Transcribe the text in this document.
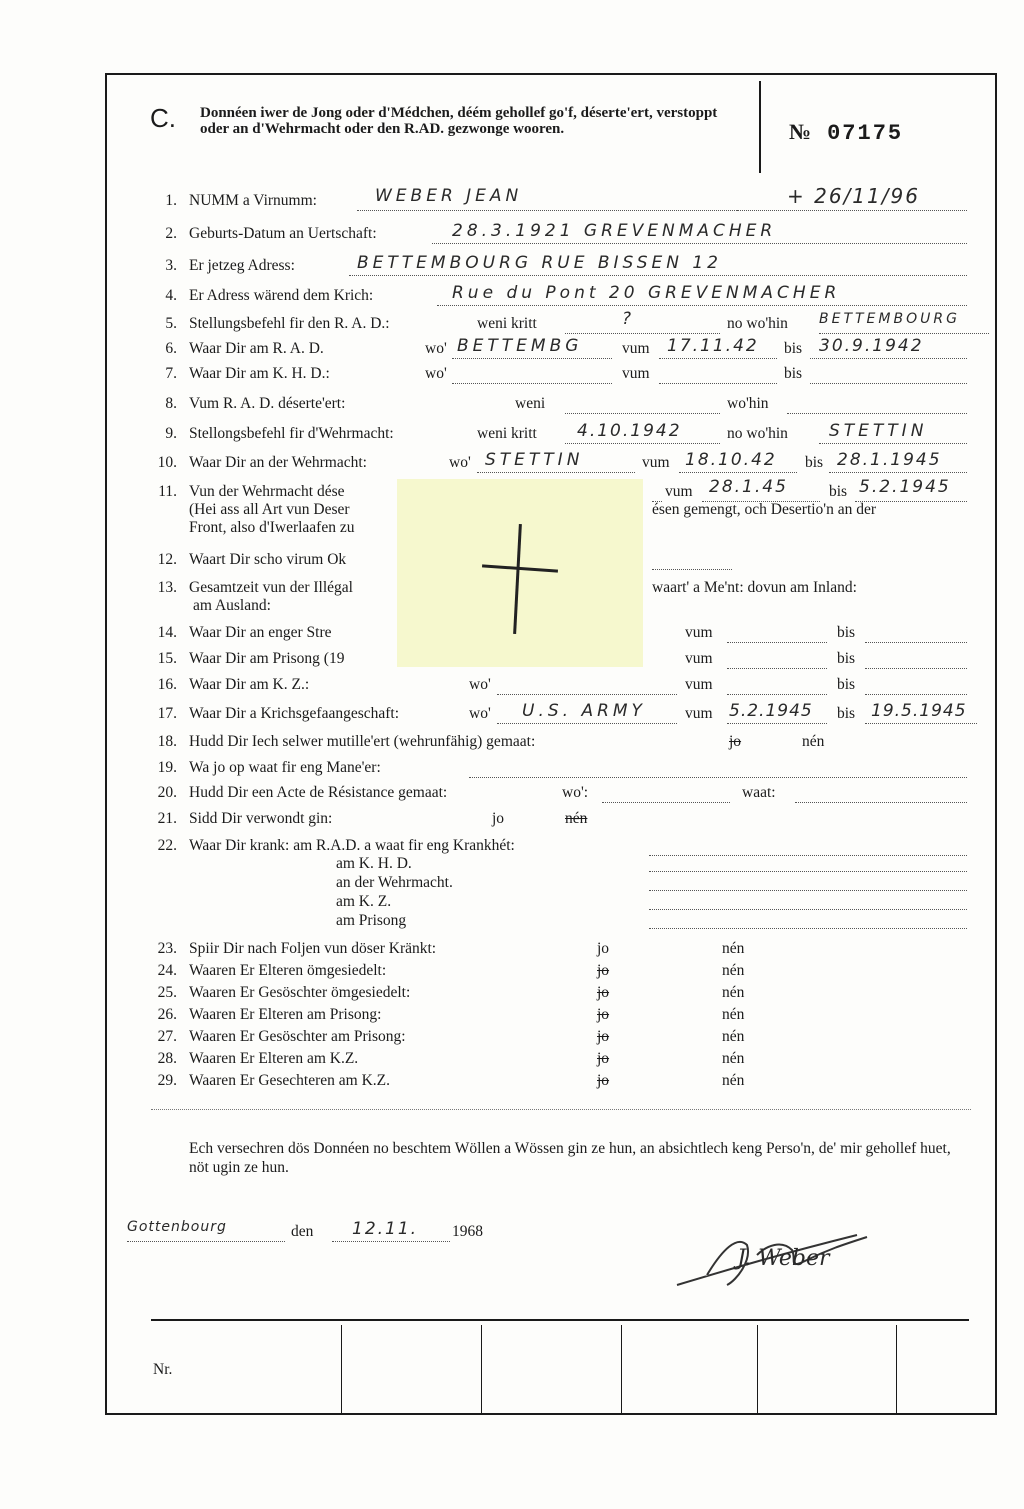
C. Donnéen iwer de Jong oder d'Médchen, déém gehollef go'f, déserte'ert, verstoppt oder an d'Wehrmacht oder den R.AD. gezwonge wooren.	№ 07175
1. NUMM a Virnumm:	WEBER JEAN	+ 26/11/96
2. Geburts-Datum an Uertschaft:	28.3.1921 GREVENMACHER
3. Er jetzeg Adress:	BETTEMBOURG RUE BISSEN 12
4. Er Adress wärend dem Krich:	Rue du Pont 20 GREVENMACHER
5. Stellungsbefehl fir den R. A. D.:	weni kritt	?	no wo'hin BETTEMBOURG
6. Waar Dir am R. A. D.	wo' BETTEMBG	vum 17.11.42 bis 30.9.1942
7. Waar Dir am K. H. D.:	wo'	vum	bis
8. Vum R. A. D. déserte'ert:	weni	wo'hin
9. Stellongsbefehl fir d'Wehrmacht:	weni kritt 4.10.1942	no wo'hin STETTIN
10. Waar Dir an der Wehrmacht:	wo' STETTIN	vum 18.10.42 bis 28.1.1945
11. Vun der Wehrmacht dése	vum 28.1.45	bis 5.2.1945
(Hei ass all Art vun Deser	ésen gemengt, och Desertio'n an der
Front, also d'Iwerlaafen zu
12. Waart Dir scho virum Ok
13. Gesamtzeit vun der Illégal	waart' a Me'nt: dovun am Inland:
am Ausland:
14. Waar Dir an enger Stre	vum	bis
15. Waar Dir am Prisong (19	vum	bis
16. Waar Dir am K. Z.:	wo'	vum	bis
17. Waar Dir a Krichsgefaangeschaft:	wo' U.S. ARMY	vum 5.2.1945 bis 19.5.1945
18. Hudd Dir Iech selwer mutille'ert (wehrunfähig) gemaat:	jo	nén
19. Wa jo op waat fir eng Mane'er:
20. Hudd Dir een Acte de Résistance gemaat:	wo':	waat:
21. Sidd Dir verwondt gin:	jo	nén
22. Waar Dir krank: am R.A.D. a waat fir eng Krankhét:
am K. H. D.
an der Wehrmacht.
am K. Z.
am Prisong
23. Spiir Dir nach Foljen vun döser Kränkt:	jo	nén
24. Waaren Er Elteren ömgesiedelt:	jo	nén
25. Waaren Er Gesöschter ömgesiedelt:	jo	nén
26. Waaren Er Elteren am Prisong:	jo	nén
27. Waaren Er Gesöschter am Prisong:	jo	nén
28. Waaren Er Elteren am K.Z.	jo	nén
29. Waaren Er Gesechteren am K.Z.	jo	nén
Ech versechren dös Donnéen no beschtem Wöllen a Wössen gin ze hun, an absichtlech keng Perso'n, de' mir gehollef huet, nöt ugin ze hun.
Gottenbourg	den 12.11. 1968
J. Weber
Nr.
